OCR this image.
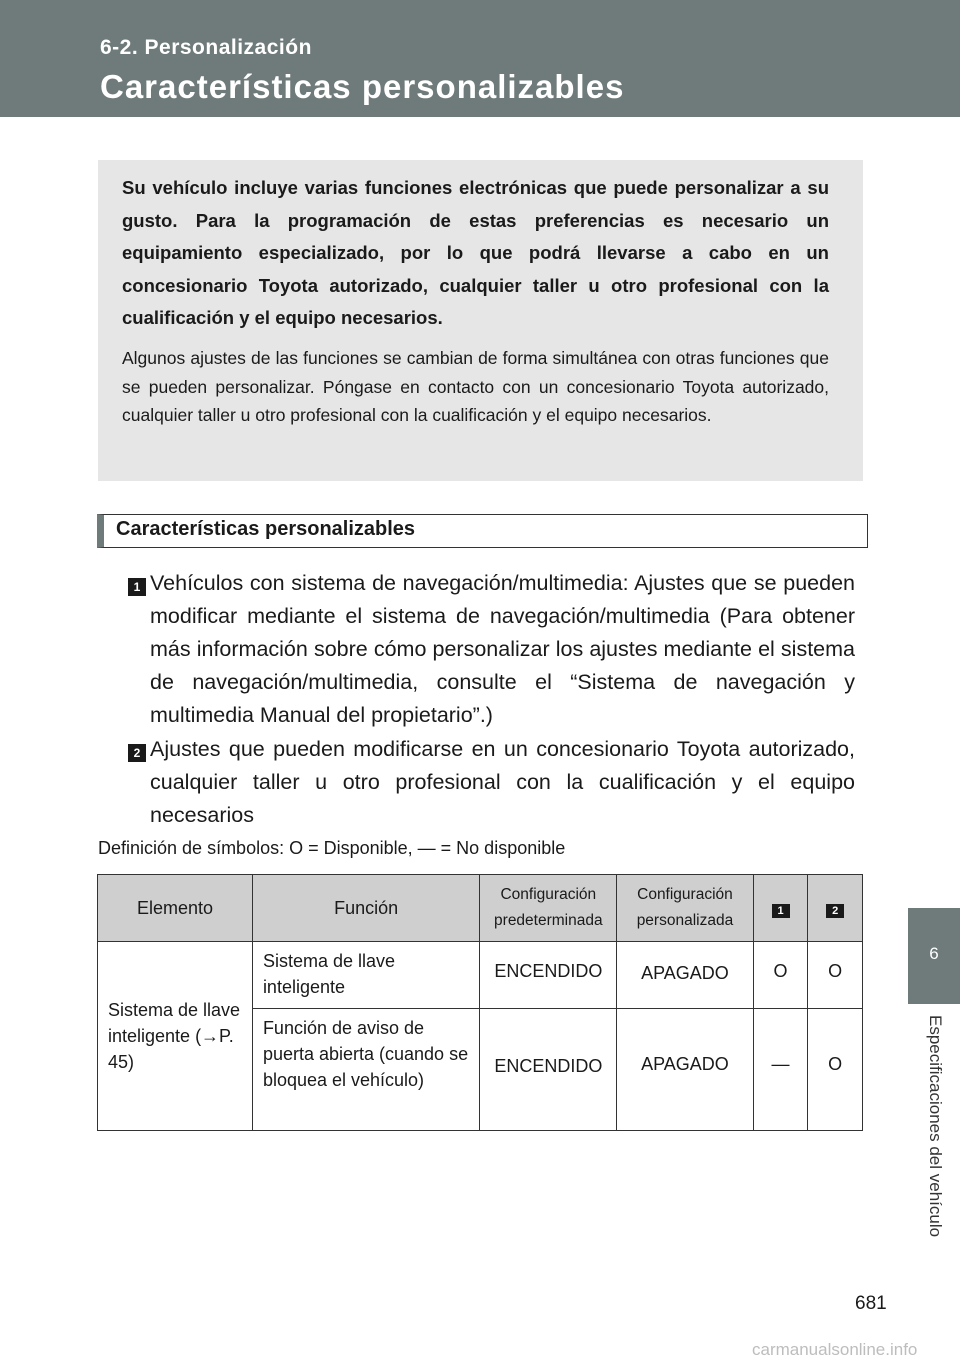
6-2. Personalización
Características personalizables
6
Especificaciones del vehículo
Su vehículo incluye varias funciones electrónicas que puede personalizar a su gusto. Para la programación de estas preferencias es necesario un equipamiento especializado, por lo que podrá llevarse a cabo en un concesionario Toyota autorizado, cualquier taller u otro profesional con la cualificación y el equipo necesarios.
Algunos ajustes de las funciones se cambian de forma simultánea con otras funciones que se pueden personalizar. Póngase en contacto con un concesionario Toyota autorizado, cualquier taller u otro profesional con la cualificación y el equipo necesarios.
Características personalizables
1 Vehículos con sistema de navegación/multimedia: Ajustes que se pueden modificar mediante el sistema de navegación/multimedia (Para obtener más información sobre cómo personalizar los ajustes mediante el sistema de navegación/multimedia, consulte el “Sistema de navegación y multimedia Manual del propietario”.)
2 Ajustes que pueden modificarse en un concesionario Toyota autorizado, cualquier taller u otro profesional con la cualificación y el equipo necesarios
Definición de símbolos: O = Disponible, — = No disponible
Elemento	Función	Configuración predeterminada	Configuración personalizada	1	2

Sistema de llave inteligente (→P. 45)	Sistema de llave inteligente	ENCENDIDO	APAGADO	O	O

	Función de aviso de puerta abierta (cuando se bloquea el vehículo)	ENCENDIDO	APAGADO	—	O
681
carmanualsonline.info
